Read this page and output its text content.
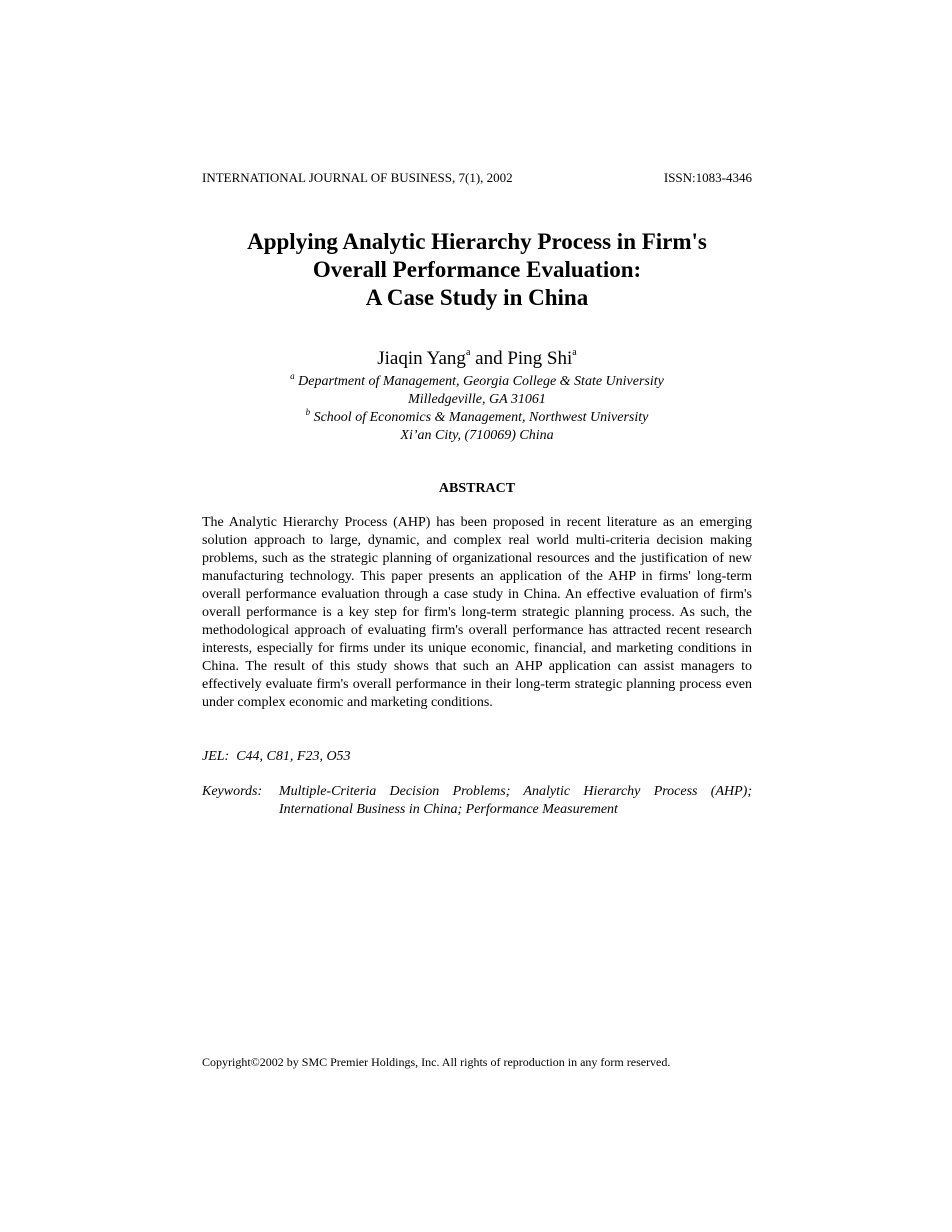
INTERNATIONAL JOURNAL OF BUSINESS, 7(1), 2002	ISSN:1083-4346
Applying Analytic Hierarchy Process in Firm's
Overall Performance Evaluation:
A Case Study in China
Jiaqin Yang$^a$ and Ping Shi$^a$
$^a$ Department of Management, Georgia College & State University
Milledgeville, GA 31061
$^b$ School of Economics & Management, Northwest University
Xi’an City, (710069) China
ABSTRACT

The Analytic Hierarchy Process (AHP) has been proposed in recent literature as an emerging solution approach to large, dynamic, and complex real world multi-criteria decision making problems, such as the strategic planning of organizational resources and the justification of new manufacturing technology. This paper presents an application of the AHP in firms' long-term overall performance evaluation through a case study in China. An effective evaluation of firm's overall performance is a key step for firm's long-term strategic planning process. As such, the methodological approach of evaluating firm's overall performance has attracted recent research interests, especially for firms under its unique economic, financial, and marketing conditions in China. The result of this study shows that such an AHP application can assist managers to effectively evaluate firm's overall performance in their long-term strategic planning process even under complex economic and marketing conditions.

JEL:  C44, C81, F23, O53
Keywords: Multiple-Criteria Decision Problems; Analytic Hierarchy Process (AHP);
International Business in China; Performance Measurement
Copyright©2002 by SMC Premier Holdings, Inc. All rights of reproduction in any form reserved.
